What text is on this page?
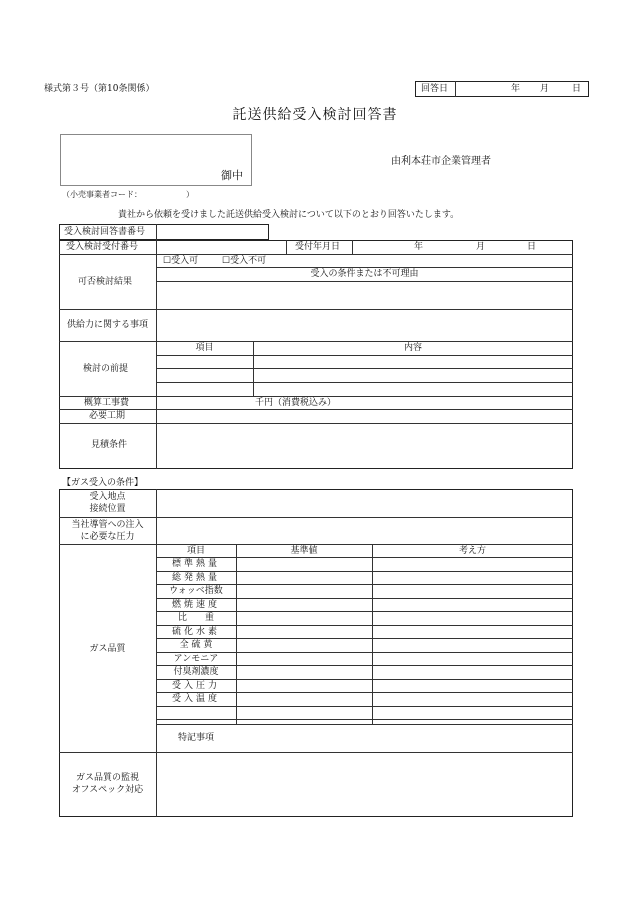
様式第３号（第10条関係）	回答日	年 月	日
託送供給受入検討回答書
御中
（小売事業者コード：　　　　　　）
由利本荘市企業管理者
貴社から依頼を受けました託送供給受入検討について以下のとおり回答いたします。
受入検討回答書番号
受入検討受付番号	受付年月日	年	月	日
可否検討結果
☐受入可	☐受入不可
受入の条件または不可理由
供給力に関する事項
検討の前提
項目	内容
概算工事費	千円（消費税込み）
必要工期
見積条件
【ガス受入の条件】
受入地点
接続位置
当社導管への注入
に必要な圧力
ガス品質
項目	基準値	考え方
標準熱量
総発熱量
ウォッベ指数
燃焼速度
比　　重
硫化水素
全 硫 黄
アンモニア
付臭剤濃度
受入圧力
受入温度
特記事項
ガス品質の監視
オフスペック対応
